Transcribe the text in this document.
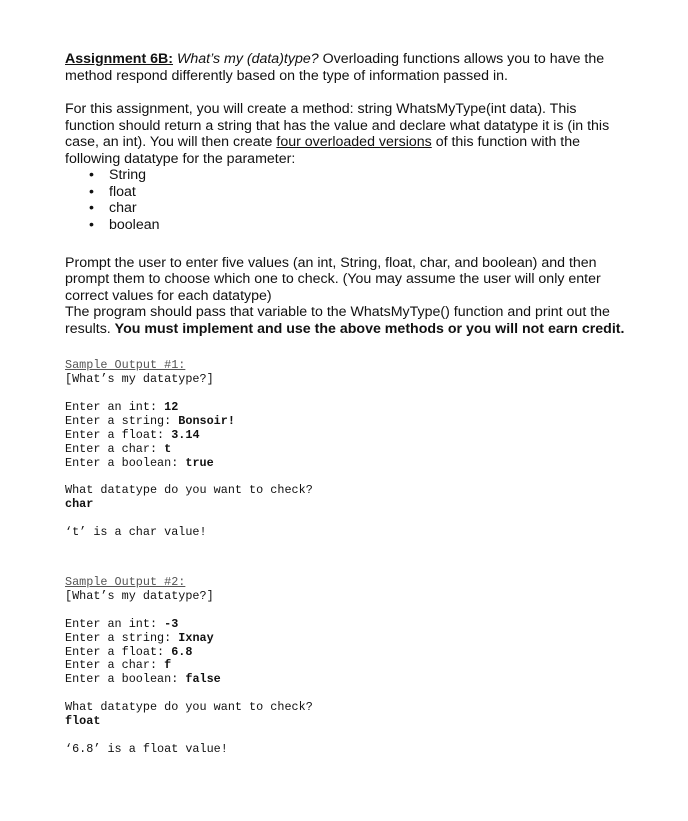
Assignment 6B: What’s my (data)type? Overloading functions allows you to have the method respond differently based on the type of information passed in.

For this assignment, you will create a method: string WhatsMyType(int data). This function should return a string that has the value and declare what datatype it is (in this case, an int). You will then create four overloaded versions of this function with the following datatype for the parameter:

• String
• float
• char
• boolean

Prompt the user to enter five values (an int, String, float, char, and boolean) and then prompt them to choose which one to check. (You may assume the user will only enter correct values for each datatype)
The program should pass that variable to the WhatsMyType() function and print out the results. You must implement and use the above methods or you will not earn credit.

Sample Output #1:
[What’s my datatype?]
Enter an int: 12
Enter a string: Bonsoir!
Enter a float: 3.14
Enter a char: t
Enter a boolean: true
What datatype do you want to check?
char
‘t’ is a char value!
Sample Output #2:
[What’s my datatype?]
Enter an int: -3
Enter a string: Ixnay
Enter a float: 6.8
Enter a char: f
Enter a boolean: false
What datatype do you want to check?
float
‘6.8’ is a float value!
